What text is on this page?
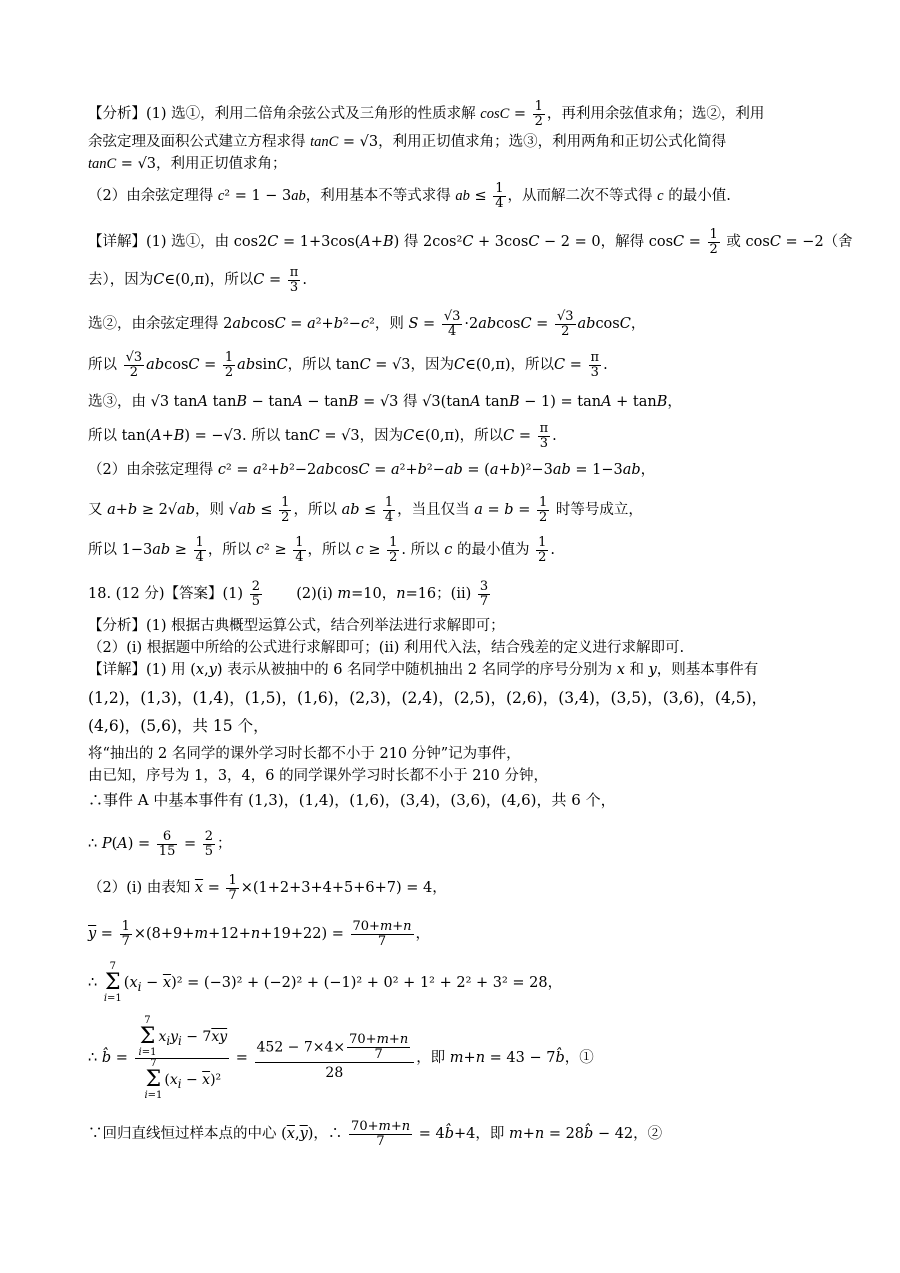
【分析】(1) 选①，利用二倍角余弦公式及三角形的性质求解 $\cos C = \frac{1}{2}$ ，再利用余弦值求角；选②，利用
余弦定理及面积公式建立方程求得 tanC = √3，利用正切值求角；选③，利用两角和正切公式化简得
tanC = √3，利用正切值求角；
（2）由余弦定理得 c² = 1 − 3ab，利用基本不等式求得 ab ≤ $\frac{1}{4}$ ，从而解二次不等式得 c 的最小值.
【详解】(1) 选①，由 cos2C = 1+3cos(A+B) 得 2cos²C + 3cosC − 2 = 0，解得 $\cos C = \frac{1}{2}$ 或 cosC = −2（舍
去），因为C∈(0,π)，所以$C = \frac{\pi}{3}$ .
选②，由余弦定理得 2abcosC = a²+b²−c²，则 $S = \frac{√3}{4} \cdot 2abcosC = \frac{√3}{2}$ abcosC，
所以 $\frac{√3}{2}$ $abcosC = \frac{1}{2}$ absinC，所以 tanC = √3，因为C∈(0,π)，所以$C = \frac{\pi}{3}$ .
选③，由 √3 tanA tanB − tanA − tanB = √3 得 √3(tanA tanB − 1) = tanA + tanB，
所以 tan(A+B) = −√3. 所以 tanC = √3，因为C∈(0,π)，所以$C = \frac{\pi}{3}$ .
（2）由余弦定理得 c² = a²+b²−2abcosC = a²+b²−ab = (a+b)²−3ab = 1−3ab，
又 a+b ≥ 2√ab，则 $√ab \le \frac{1}{2}$ ，所以 ab ≤ $\frac{1}{4}$ ，当且仅当 $a = b = \frac{1}{2}$ 时等号成立，
所以 $1-3ab \ge \frac{1}{4}$ ，所以 $c^2 \ge \frac{1}{4}$ ，所以 $c \ge \frac{1}{2}$ . 所以 c 的最小值为 $\frac{1}{2}$ .
18. (12 分)【答案】$(1) \frac{2}{5} (2)(i)$ m=10，n=16；$(ii) \frac{3}{7}$
【分析】(1) 根据古典概型运算公式，结合列举法进行求解即可；
（2）(i) 根据题中所给的公式进行求解即可；(ii) 利用代入法，结合残差的定义进行求解即可.
【详解】(1) 用 (x,y) 表示从被抽中的 6 名同学中随机抽出 2 名同学的序号分别为 x 和 y，则基本事件有
(1,2)，(1,3)，(1,4)，(1,5)，(1,6)，(2,3)，(2,4)，(2,5)，(2,6)，(3,4)，(3,5)，(3,6)，(4,5)，
(4,6)，(5,6)，共 15 个，
将“抽出的 2 名同学的课外学习时长都不小于 210 分钟”记为事件，
由已知，序号为 1，3，4，6 的同学课外学习时长都不小于 210 分钟，
∴事件 A 中基本事件有 (1,3)，(1,4)，(1,6)，(3,4)，(3,6)，(4,6)，共 6 个，
∴ $P(A) = \frac{6}{15} = \frac{2}{5}$ ；
（2）(i) 由表知 $\overline{x} = \frac{1}{7} \times(1+2+3+4+5+6+7) = 4$，
$\overline{y} = \frac{1}{7} \times(8+9+m+12+n+19+22) = \frac{70+m+n}{7}$ ，
∴ 7
Σ
$i=1(x_i - \overline{x})^2 = (-3)^2 + (-2)^2 + (-1)^2 + 0^2 + 1^2 + 2^2 + 3^2 = 28$，
∴ b̂ = 7
Σ
$i=1x_iy_i - 7\overline{xy}$
7
Σ
$i=1(x_i - \overline{x})^2 = \frac{452 - 7\times 4\times \frac{70+m+n}{7}}{28}$ ，即 m+n = 43 − 7b̂，①
∵回归直线恒过样本点的中心 $(\overline{x},\overline{y})$，∴ $\frac{70+m+n}{7}$ = 4b̂+4，即 m+n = 28b̂ − 42，②
